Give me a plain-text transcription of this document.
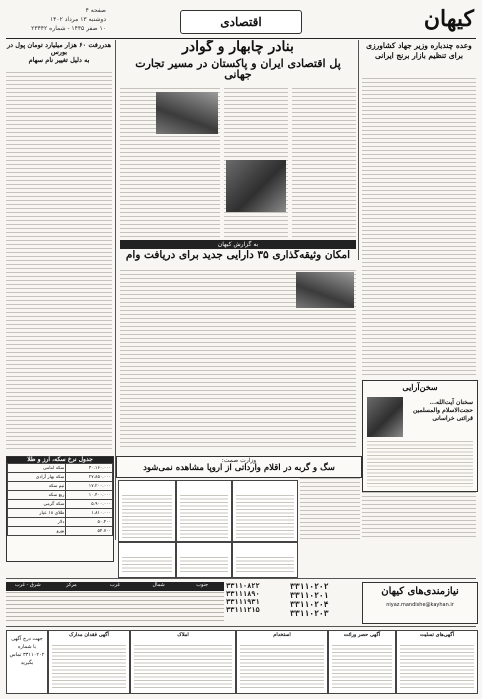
کیهان
اقتصادی
صفحه ۴
دوشنبه ۱۳ مرداد ۱۴۰۲
۱۰ صفر ۱۴۴۵ - شماره ۲۳۴۴۲
وعده چندباره وزیر جهاد کشاورزی
برای تنظیم بازار برنج ایرانی
بنادر چابهار و گوادر
پل اقتصادی ایران و پاکستان در مسیر تجارت جهانی
هدررفت ۶۰ هزار میلیارد تومان پول در بورس
به دلیل تغییر نام سهام
به گزارش کیهان
امکان وثیقه‌گذاری ۳۵ دارایی جدید برای دریافت وام
وزارت صمت:
سگ و گربه در اقلام وارداتی از اروپا مشاهده نمی‌شود
سخن‌آرایی
سخنان آیت‌الله... حجت‌الاسلام والمسلمین قرائتی خراسانی
جدول نرخ سکه، ارز و طلا
سکه امامی	۳۰.۱۶۰.۰۰۰
سکه بهار آزادی	۲۷.۸۵۰.۰۰۰
نیم سکه	۱۷.۲۰۰.۰۰۰
ربع سکه	۱۰.۴۰۰.۰۰۰
سکه گرمی	۵.۹۰۰.۰۰۰
طلای ۱۸ عیار	۱.۸۱۰.۰۰۰
دلار	۵۰.۴۰۰
یورو	۵۴.۷۰۰
نیازمندی‌های کیهان
niyaz.mandishe@kayhan.ir
۳۳۱۱۰۲۰۲
۳۳۱۱۰۲۰۱
۳۳۱۱۰۲۰۴
۳۳۱۱۰۲۰۳
۳۳۱۱۰۸۲۲
۳۳۱۱۱۸۹۰
۳۳۱۱۱۹۳۱
۳۳۱۱۱۲۱۵
جنوب
شمال
غرب
مرکز
شرق - غرب
آگهی‌های تسلیت
آگهی حصر وراثت
استخدام
املاک
آگهی فقدان مدارک
جهت درج آگهی با شماره ۳۳۱۱۰۲۰۲ تماس بگیرید
